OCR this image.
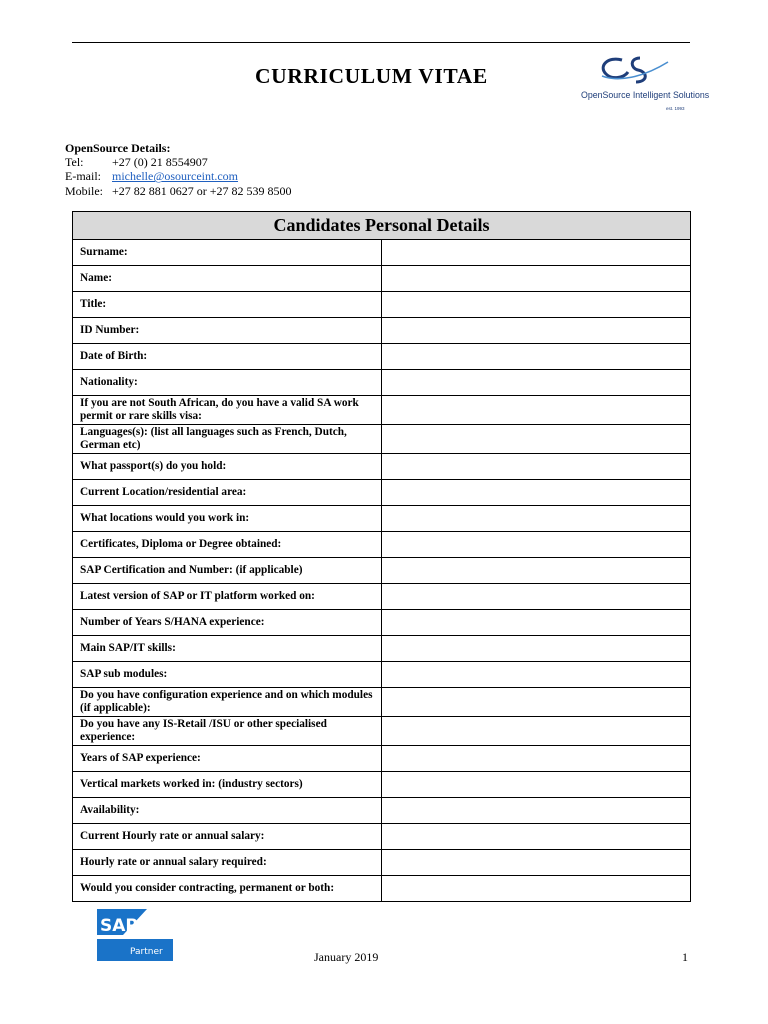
CURRICULUM VITAE
OpenSource Intelligent Solutions
est. 1993
OpenSource Details:
Tel:	+27 (0) 21 8554907
E-mail: michelle@osourceint.com
Mobile: +27 82 881 0627 or +27 82 539 8500
Candidates Personal Details	
Surname:	
Name:	
Title:	
ID Number:	
Date of Birth:	
Nationality:	
If you are not South African, do you have a valid SA work permit or rare skills visa:	
Languages(s): (list all languages such as French, Dutch, German etc)	
What passport(s) do you hold:	
Current Location/residential area:	
What locations would you work in:	
Certificates, Diploma or Degree obtained:	
SAP Certification and Number: (if applicable)	
Latest version of SAP or IT platform worked on:	
Number of Years S/HANA experience:	
Main SAP/IT skills:	
SAP sub modules:	
Do you have configuration experience and on which modules (if applicable):	
Do you have any IS-Retail /ISU or other specialised experience:	
Years of SAP experience:	
Vertical markets worked in: (industry sectors)	
Availability:	
Current Hourly rate or annual salary:	
Hourly rate or annual salary required:	
Would you consider contracting, permanent or both:	
SAP
Partner	January 2019	1
